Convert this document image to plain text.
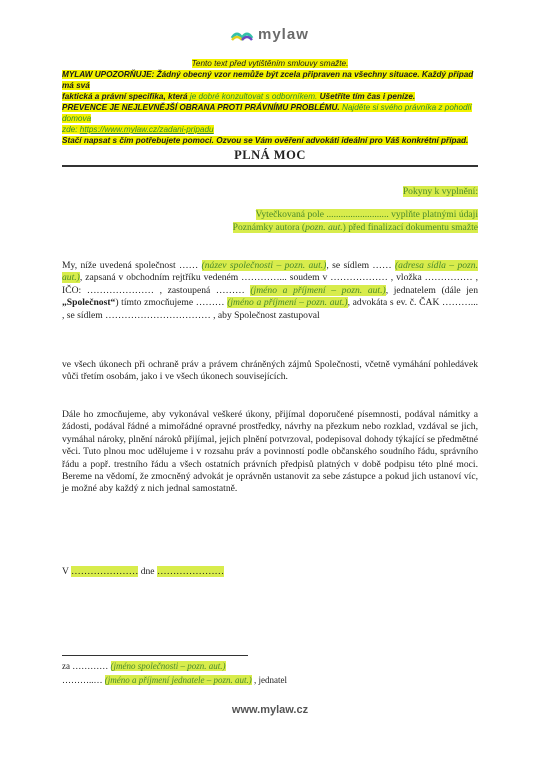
mylaw
Tento text před vytištěním smlouvy smažte.
MYLAW UPOZORŇUJE: Žádný obecný vzor nemůže být zcela připraven na všechny situace. Každý případ má svá
faktická a právní specifika, která je dobré konzultovat s odborníkem. Ušetříte tím čas i peníze.
PREVENCE JE NEJLEVNĚJŠÍ OBRANA PROTI PRÁVNÍMU PROBLÉMU. Najděte si svého právníka z pohodlí domova
zde: https://www.mylaw.cz/zadani-pripadu
Stačí napsat s čím potřebujete pomoci. Ozvou se Vám ověření advokáti ideální pro Váš konkrétní případ.
PLNÁ MOC
Pokyny k vyplnění:
Vytečkovaná pole .......................... vyplňte platnými údaji
Poznámky autora (pozn. aut.) před finalizací dokumentu smažte
My, níže uvedená společnost …… (název společnosti – pozn. aut.), se sídlem …… (adresa sídla – pozn. aut.), zapsaná v obchodním rejtříku vedeném …………... soudem v ……………… , vložka …………… , IČO: ………………… , zastoupená ……… (jméno a příjmení – pozn. aut.), jednatelem (dále jen „Společnost“) tímto zmocňujeme ……… (jméno a příjmení – pozn. aut.), advokáta s ev. č. ČAK ………... , se sídlem …………………………… , aby Společnost zastupoval
ve všech úkonech při ochraně práv a právem chráněných zájmů Společnosti, včetně vymáhání pohledávek vůči třetím osobám, jako i ve všech úkonech souvisejících.
Dále ho zmocňujeme, aby vykonával veškeré úkony, přijímal doporučené písemnosti, podával námitky a žádosti, podával řádné a mimořádné opravné prostředky, návrhy na přezkum nebo rozklad, vzdával se jich, vymáhal nároky, plnění nároků přijímal, jejich plnění potvrzoval, podepisoval dohody týkající se předmětné věci. Tuto plnou moc udělujeme i v rozsahu práv a povinností podle občanského soudního řádu, správního řádu a popř. trestního řádu a všech ostatních právních předpisů platných v době podpisu této plné moci. Bereme na vědomí, že zmocněný advokát je oprávněn ustanovit za sebe zástupce a pokud jich ustanoví víc, je možné aby každý z nich jednal samostatně.
V ………………… dne …………………
za ………… (jméno společnosti – pozn. aut.)
………..… (jméno a příjmení jednatele – pozn. aut.) , jednatel
www.mylaw.cz
